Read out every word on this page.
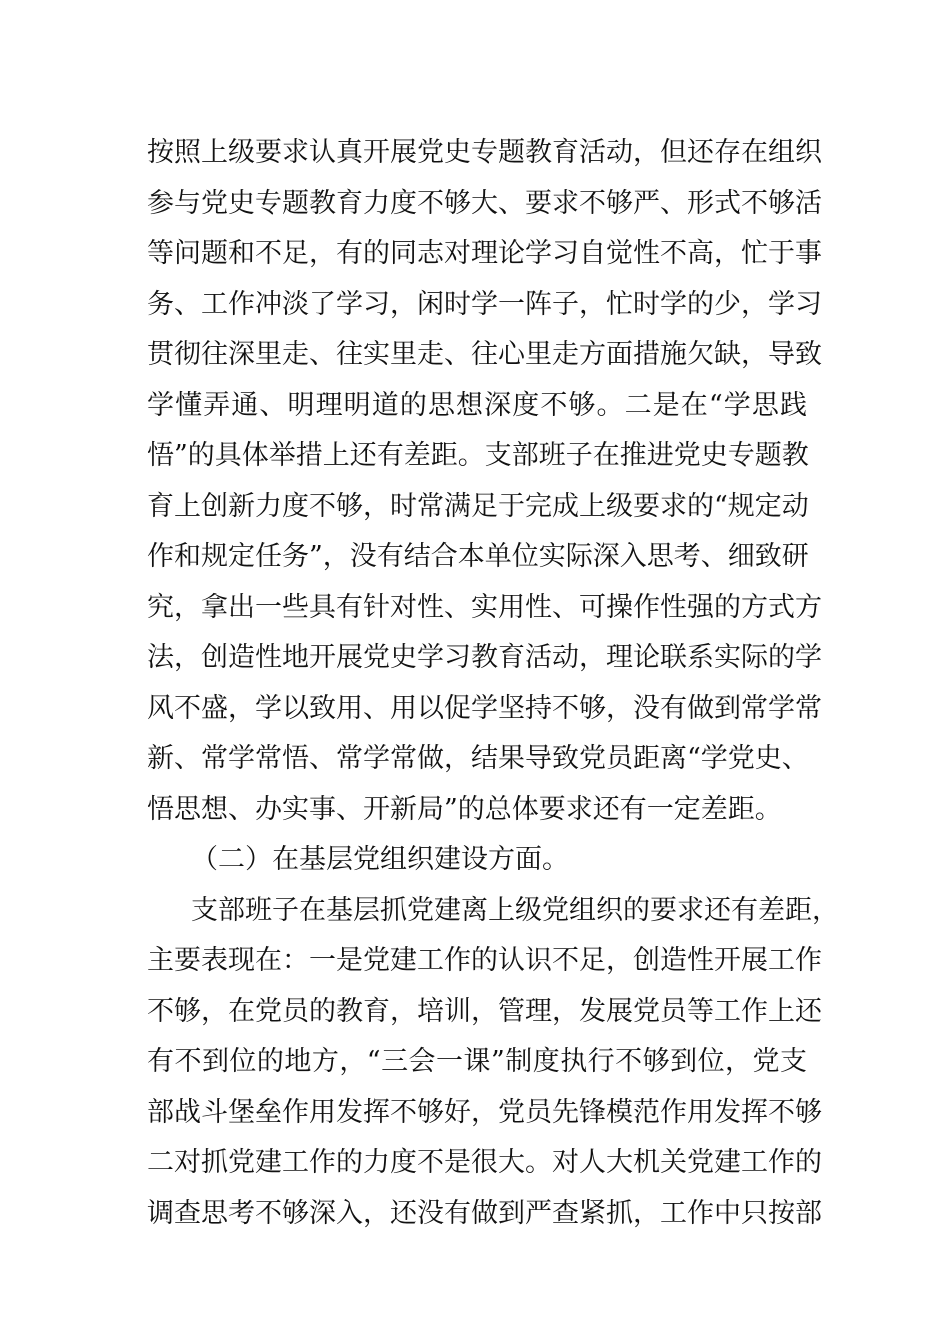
按照上级要求认真开展党史专题教育活动，但还存在组织
参与党史专题教育力度不够大、要求不够严、形式不够活
等问题和不足，有的同志对理论学习自觉性不高，忙于事
务、工作冲淡了学习，闲时学一阵子，忙时学的少，学习
贯彻往深里走、往实里走、往心里走方面措施欠缺，导致
学懂弄通、明理明道的思想深度不够。二是在“学思践
悟”的具体举措上还有差距。支部班子在推进党史专题教
育上创新力度不够，时常满足于完成上级要求的“规定动
作和规定任务”，没有结合本单位实际深入思考、细致研
究，拿出一些具有针对性、实用性、可操作性强的方式方
法，创造性地开展党史学习教育活动，理论联系实际的学
风不盛，学以致用、用以促学坚持不够，没有做到常学常
新、常学常悟、常学常做，结果导致党员距离“学党史、
悟思想、办实事、开新局”的总体要求还有一定差距。
（二）在基层党组织建设方面。
支部班子在基层抓党建离上级党组织的要求还有差距，
主要表现在：一是党建工作的认识不足，创造性开展工作
不够，在党员的教育，培训，管理，发展党员等工作上还
有不到位的地方，“三会一课”制度执行不够到位，党支
部战斗堡垒作用发挥不够好，党员先锋模范作用发挥不够
二对抓党建工作的力度不是很大。对人大机关党建工作的
调查思考不够深入，还没有做到严查紧抓，工作中只按部
